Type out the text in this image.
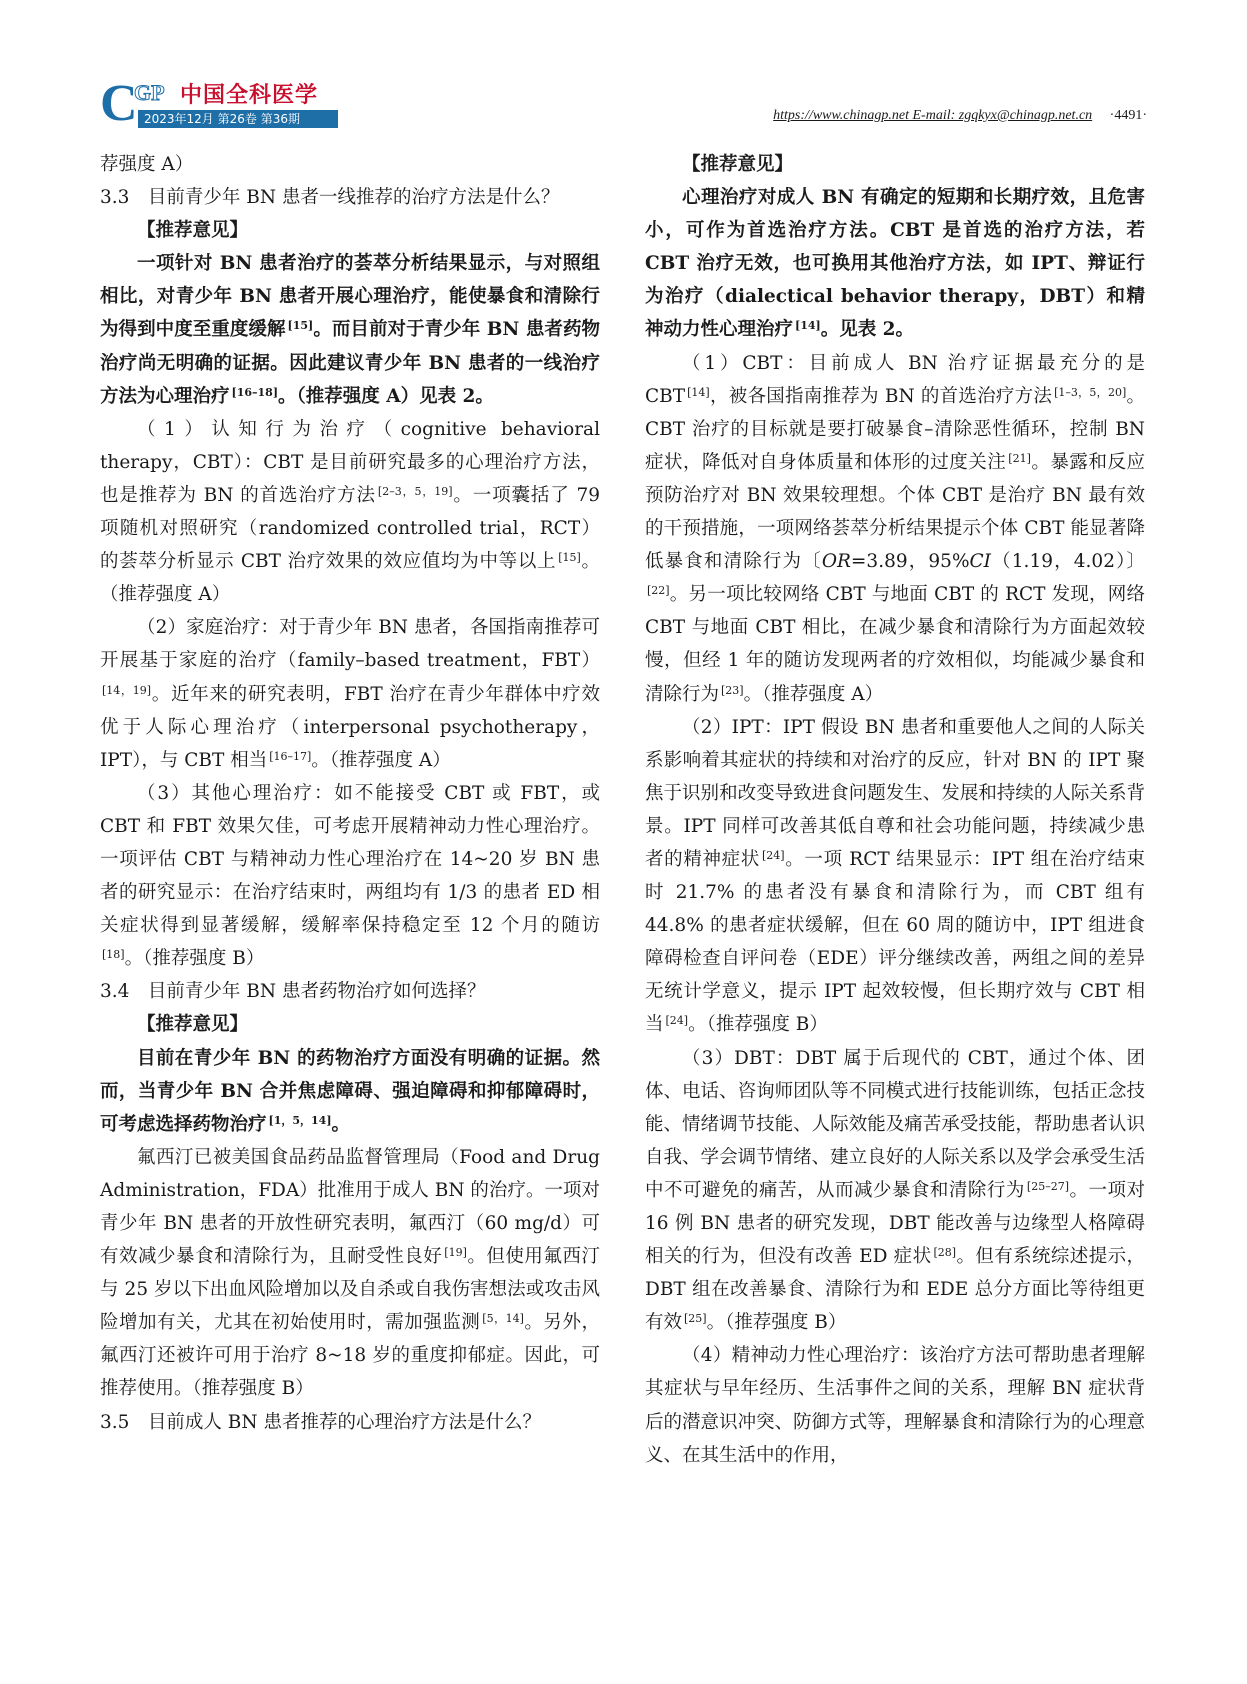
C
GP 中国全科医学
2023年12月 第26卷 第36期	https://www.chinagp.net E-mail: zgqkyx@chinagp.net.cn ·4491·

荐强度 A）

3.3　目前青少年 BN 患者一线推荐的治疗方法是什么？

【推荐意见】

一项针对 BN 患者治疗的荟萃分析结果显示，与对照组相比，对青少年 BN 患者开展心理治疗，能使暴食和清除行为得到中度至重度缓解 [15]。而目前对于青少年 BN 患者药物治疗尚无明确的证据。因此建议青少年 BN 患者的一线治疗方法为心理治疗 [16–18]。（推荐强度 A）见表 2。

（1）认知行为治疗（cognitive behavioral therapy，CBT）：CBT 是目前研究最多的心理治疗方法，也是推荐为 BN 的首选治疗方法 [2–3，5，19]。一项囊括了 79 项随机对照研究（randomized controlled trial，RCT）的荟萃分析显示 CBT 治疗效果的效应值均为中等以上 [15]。（推荐强度 A）

（2）家庭治疗：对于青少年 BN 患者，各国指南推荐可开展基于家庭的治疗（family–based treatment，FBT）[14，19]。近年来的研究表明，FBT 治疗在青少年群体中疗效优于人际心理治疗（interpersonal psychotherapy，IPT），与 CBT 相当 [16–17]。（推荐强度 A）

（3）其他心理治疗：如不能接受 CBT 或 FBT，或 CBT 和 FBT 效果欠佳，可考虑开展精神动力性心理治疗。一项评估 CBT 与精神动力性心理治疗在 14~20 岁 BN 患者的研究显示：在治疗结束时，两组均有 1/3 的患者 ED 相关症状得到显著缓解，缓解率保持稳定至 12 个月的随访[18]。（推荐强度 B）

3.4　目前青少年 BN 患者药物治疗如何选择？

【推荐意见】

目前在青少年 BN 的药物治疗方面没有明确的证据。然而，当青少年 BN 合并焦虑障碍、强迫障碍和抑郁障碍时，可考虑选择药物治疗 [1，5，14]。

氟西汀已被美国食品药品监督管理局（Food and Drug Administration，FDA）批准用于成人 BN 的治疗。一项对青少年 BN 患者的开放性研究表明，氟西汀（60 mg/d）可有效减少暴食和清除行为，且耐受性良好 [19]。但使用氟西汀与 25 岁以下出血风险增加以及自杀或自我伤害想法或攻击风险增加有关，尤其在初始使用时，需加强监测 [5，14]。另外，氟西汀还被许可用于治疗 8~18 岁的重度抑郁症。因此，可推荐使用。（推荐强度 B）

3.5　目前成人 BN 患者推荐的心理治疗方法是什么？

【推荐意见】

心理治疗对成人 BN 有确定的短期和长期疗效，且危害小，可作为首选治疗方法。CBT 是首选的治疗方法，若 CBT 治疗无效，也可换用其他治疗方法，如 IPT、辩证行为治疗（dialectical behavior therapy，DBT）和精神动力性心理治疗 [14]。见表 2。

（1）CBT：目前成人 BN 治疗证据最充分的是 CBT [14]，被各国指南推荐为 BN 的首选治疗方法 [1–3，5，20]。CBT 治疗的目标就是要打破暴食–清除恶性循环，控制 BN 症状，降低对自身体质量和体形的过度关注 [21]。暴露和反应预防治疗对 BN 效果较理想。个体 CBT 是治疗 BN 最有效的干预措施，一项网络荟萃分析结果提示个体 CBT 能显著降低暴食和清除行为〔OR=3.89，95%CI（1.19，4.02）〕[22]。另一项比较网络 CBT 与地面 CBT 的 RCT 发现，网络 CBT 与地面 CBT 相比，在减少暴食和清除行为方面起效较慢，但经 1 年的随访发现两者的疗效相似，均能减少暴食和清除行为 [23]。（推荐强度 A）

（2）IPT：IPT 假设 BN 患者和重要他人之间的人际关系影响着其症状的持续和对治疗的反应，针对 BN 的 IPT 聚焦于识别和改变导致进食问题发生、发展和持续的人际关系背景。IPT 同样可改善其低自尊和社会功能问题，持续减少患者的精神症状 [24]。一项 RCT 结果显示：IPT 组在治疗结束时 21.7% 的患者没有暴食和清除行为，而 CBT 组有 44.8% 的患者症状缓解，但在 60 周的随访中，IPT 组进食障碍检查自评问卷（EDE）评分继续改善，两组之间的差异无统计学意义，提示 IPT 起效较慢，但长期疗效与 CBT 相当 [24]。（推荐强度 B）

（3）DBT：DBT 属于后现代的 CBT，通过个体、团体、电话、咨询师团队等不同模式进行技能训练，包括正念技能、情绪调节技能、人际效能及痛苦承受技能，帮助患者认识自我、学会调节情绪、建立良好的人际关系以及学会承受生活中不可避免的痛苦，从而减少暴食和清除行为 [25–27]。一项对 16 例 BN 患者的研究发现，DBT 能改善与边缘型人格障碍相关的行为，但没有改善 ED 症状 [28]。但有系统综述提示，DBT 组在改善暴食、清除行为和 EDE 总分方面比等待组更有效 [25]。（推荐强度 B）

（4）精神动力性心理治疗：该治疗方法可帮助患者理解其症状与早年经历、生活事件之间的关系，理解 BN 症状背后的潜意识冲突、防御方式等，理解暴食和清除行为的心理意义、在其生活中的作用，
